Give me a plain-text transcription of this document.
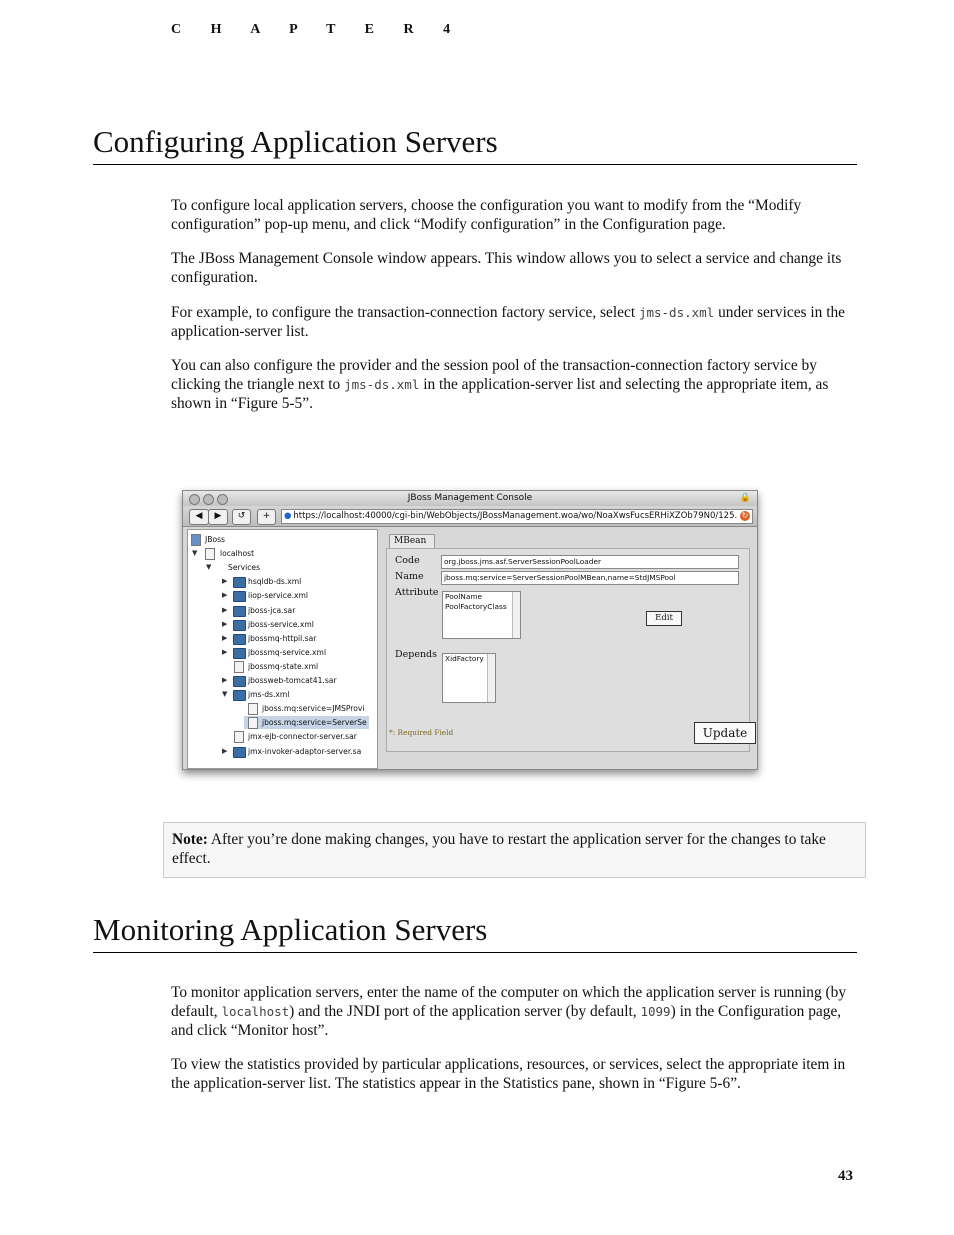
C H A P T E R 4
Configuring Application Servers
To configure local application servers, choose the configuration you want to modify from the “Modify configuration” pop-up menu, and click “Modify configuration” in the Configuration page.
The JBoss Management Console window appears. This window allows you to select a service and change its configuration.
For example, to configure the transaction-connection factory service, select jms-ds.xml under services in the application-server list.
You can also configure the provider and the session pool of the transaction-connection factory service by clicking the triangle next to jms-ds.xml in the application-server list and selecting the appropriate item, as shown in “Figure 5-5”.
JBoss Management Console	🔒
◀	▶	↺	+	● https://localhost:40000/cgi-bin/WebObjects/JBossManagement.woa/wo/NoaXwsFucsERHiXZOb79N0/125. ↻
JBoss
▼	localhost
▼ Services
▶	hsqldb-ds.xml
▶	iiop-service.xml
▶	jboss-jca.sar
▶	jboss-service.xml
▶	jbossmq-httpil.sar
▶	jbossmq-service.xml
jbossmq-state.xml
▶	jbossweb-tomcat41.sar
▼	jms-ds.xml
jboss.mq:service=JMSProvi
jboss.mq:service=ServerSe
jmx-ejb-connector-server.sar
▶	jmx-invoker-adaptor-server.sa
MBean
Code	org.jboss.jms.asf.ServerSessionPoolLoader
Name	jboss.mq:service=ServerSessionPoolMBean,name=StdJMSPool
Attribute PoolName
PoolFactoryClass
Edit
Depends XidFactory
*: Required Field	Update
Note: After you’re done making changes, you have to restart the application server for the changes to take effect.
Monitoring Application Servers
To monitor application servers, enter the name of the computer on which the application server is running (by default, localhost) and the JNDI port of the application server (by default, 1099) in the Configuration page, and click “Monitor host”.
To view the statistics provided by particular applications, resources, or services, select the appropriate item in the application-server list. The statistics appear in the Statistics pane, shown in “Figure 5-6”.
43
